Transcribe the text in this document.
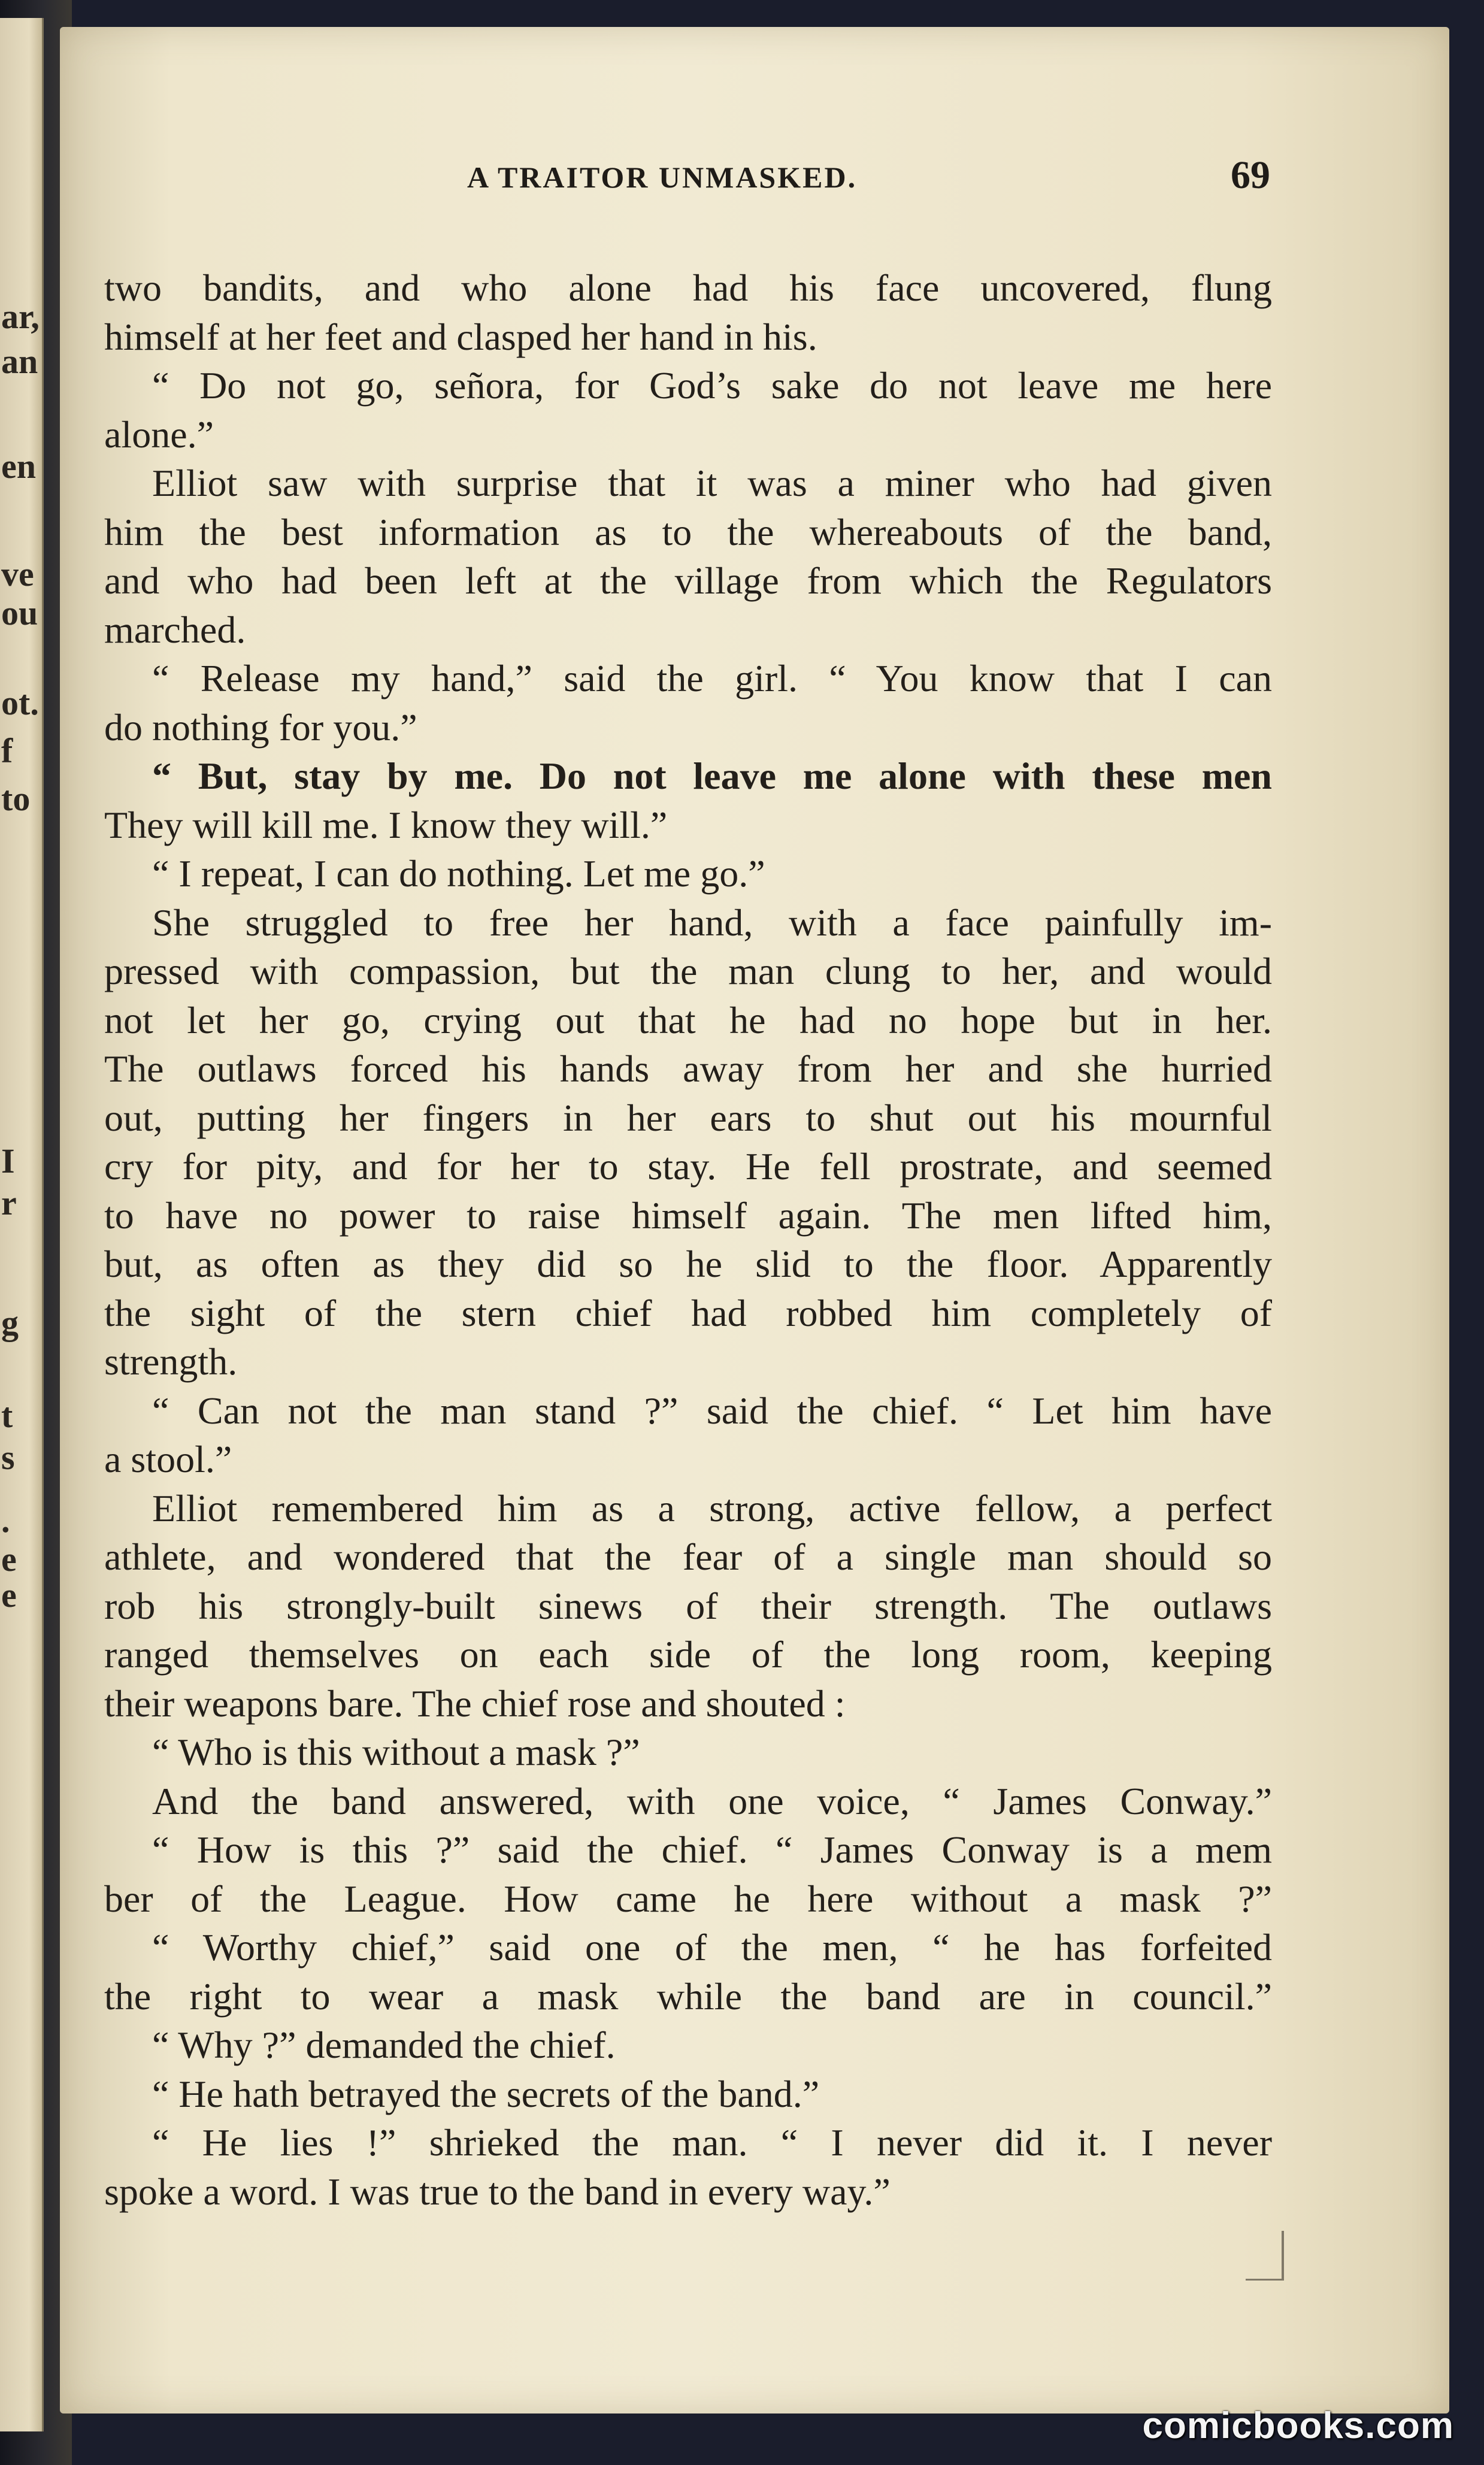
ar,
an
en
ve
ou
ot.
f
to
I
r
g
t
s
.
e
e
A TRAITOR UNMASKED.	69
two bandits, and who alone had his face uncovered, flung
himself at her feet and clasped her hand in his.
“ Do not go, señora, for God’s sake do not leave me here
alone.”
Elliot saw with surprise that it was a miner who had given
him the best information as to the whereabouts of the band,
and who had been left at the village from which the Regulators
marched.
“ Release my hand,” said the girl. “ You know that I can
do nothing for you.”
“ But, stay by me. Do not leave me alone with these men
They will kill me. I know they will.”
“ I repeat, I can do nothing. Let me go.”
She struggled to free her hand, with a face painfully im-
pressed with compassion, but the man clung to her, and would
not let her go, crying out that he had no hope but in her.
The outlaws forced his hands away from her and she hurried
out, putting her fingers in her ears to shut out his mournful
cry for pity, and for her to stay. He fell prostrate, and seemed
to have no power to raise himself again. The men lifted him,
but, as often as they did so he slid to the floor. Apparently
the sight of the stern chief had robbed him completely of
strength.
“ Can not the man stand ?” said the chief. “ Let him have
a stool.”
Elliot remembered him as a strong, active fellow, a perfect
athlete, and wondered that the fear of a single man should so
rob his strongly-built sinews of their strength. The outlaws
ranged themselves on each side of the long room, keeping
their weapons bare. The chief rose and shouted :
“ Who is this without a mask ?”
And the band answered, with one voice, “ James Conway.”
“ How is this ?” said the chief. “ James Conway is a mem
ber of the League. How came he here without a mask ?”
“ Worthy chief,” said one of the men, “ he has forfeited
the right to wear a mask while the band are in council.”
“ Why ?” demanded the chief.
“ He hath betrayed the secrets of the band.”
“ He lies !” shrieked the man. “ I never did it. I never
spoke a word. I was true to the band in every way.”
comicbooks.com
